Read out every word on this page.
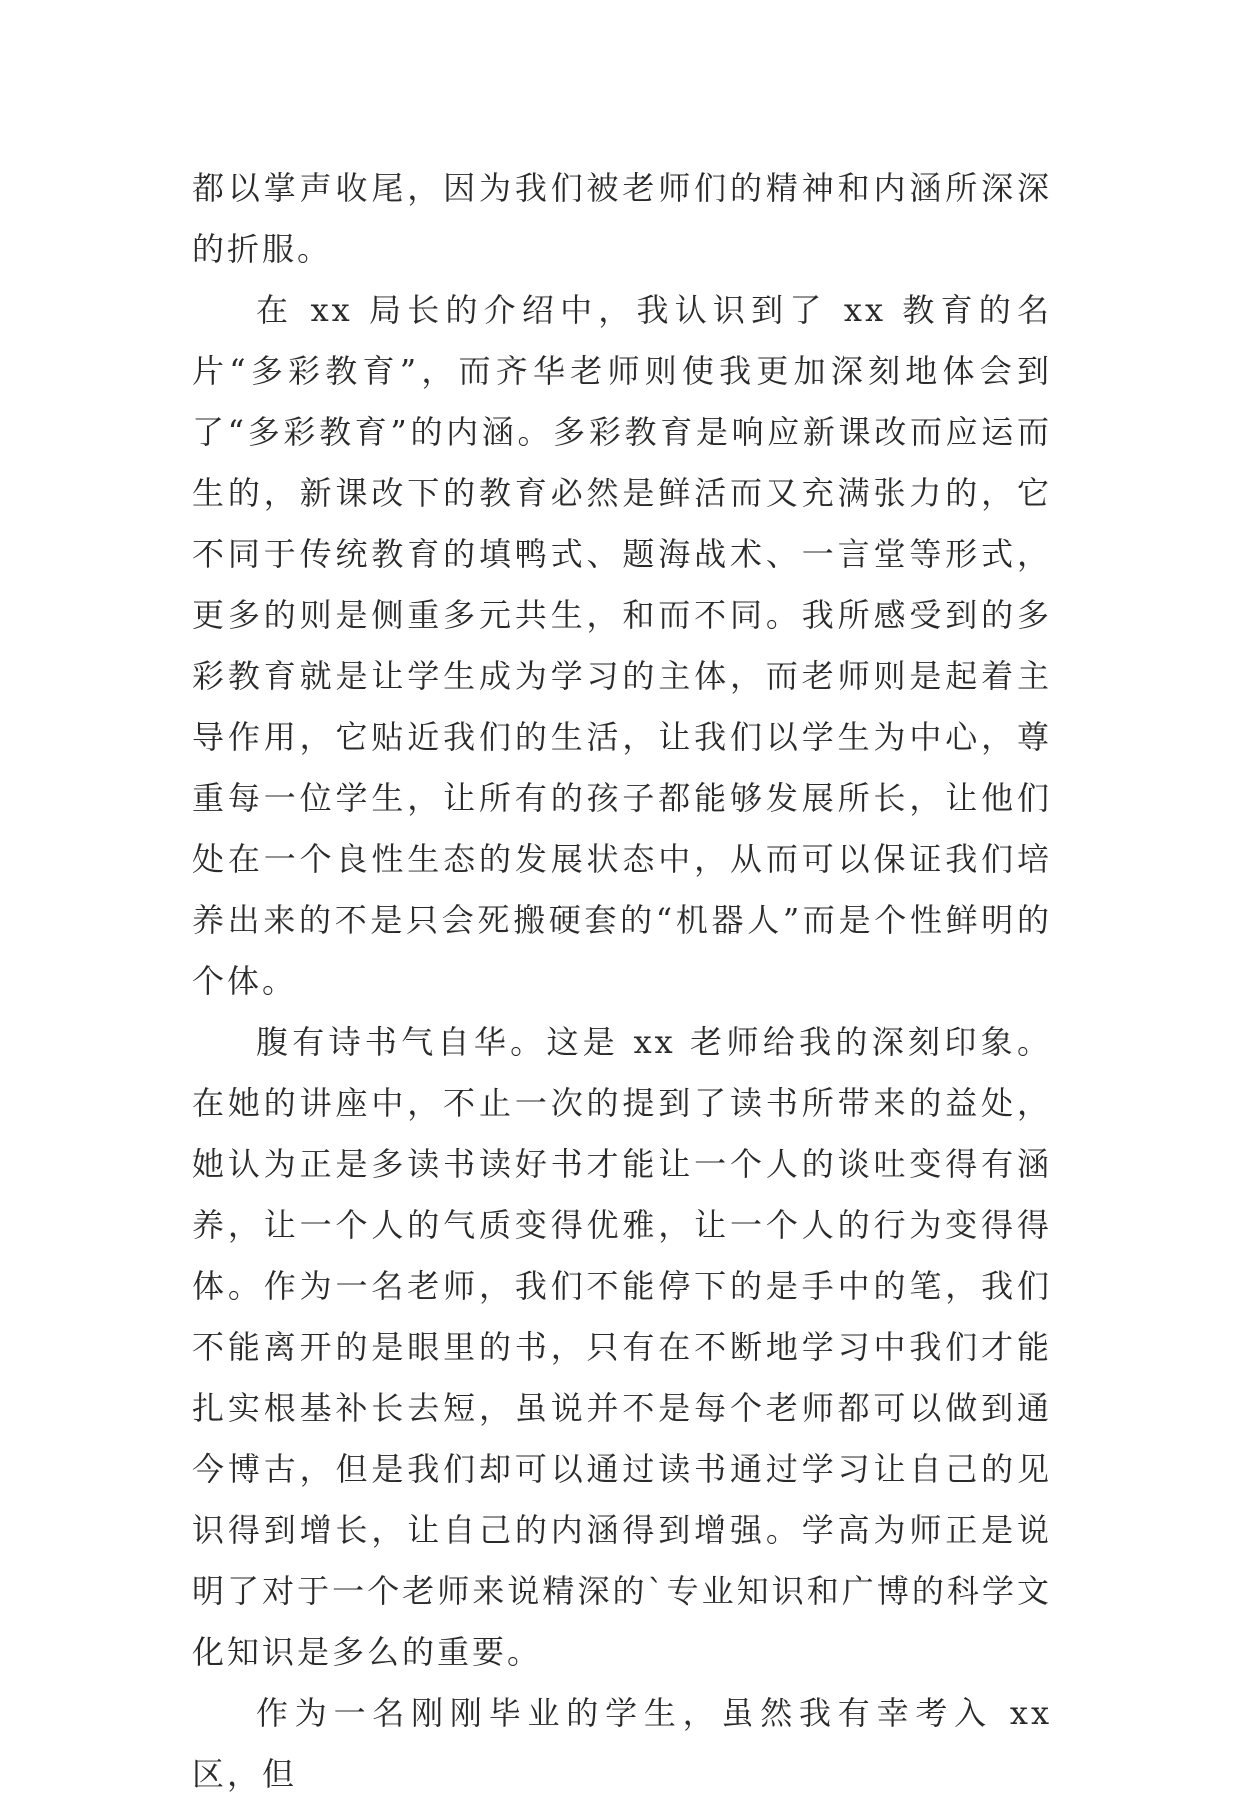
都以掌声收尾，因为我们被老师们的精神和内涵所深深的折服。

在 xx 局长的介绍中，我认识到了 xx 教育的名片“多彩教育”，而齐华老师则使我更加深刻地体会到了“多彩教育”的内涵。多彩教育是响应新课改而应运而生的，新课改下的教育必然是鲜活而又充满张力的，它不同于传统教育的填鸭式、题海战术、一言堂等形式，更多的则是侧重多元共生，和而不同。我所感受到的多彩教育就是让学生成为学习的主体，而老师则是起着主导作用，它贴近我们的生活，让我们以学生为中心，尊重每一位学生，让所有的孩子都能够发展所长，让他们处在一个良性生态的发展状态中，从而可以保证我们培养出来的不是只会死搬硬套的“机器人”而是个性鲜明的个体。

腹有诗书气自华。这是 xx 老师给我的深刻印象。在她的讲座中，不止一次的提到了读书所带来的益处，她认为正是多读书读好书才能让一个人的谈吐变得有涵养，让一个人的气质变得优雅，让一个人的行为变得得体。作为一名老师，我们不能停下的是手中的笔，我们不能离开的是眼里的书，只有在不断地学习中我们才能扎实根基补长去短，虽说并不是每个老师都可以做到通今博古，但是我们却可以通过读书通过学习让自己的见识得到增长，让自己的内涵得到增强。学高为师正是说明了对于一个老师来说精深的`专业知识和广博的科学文化知识是多么的重要。

作为一名刚刚毕业的学生，虽然我有幸考入 xx 区，但
